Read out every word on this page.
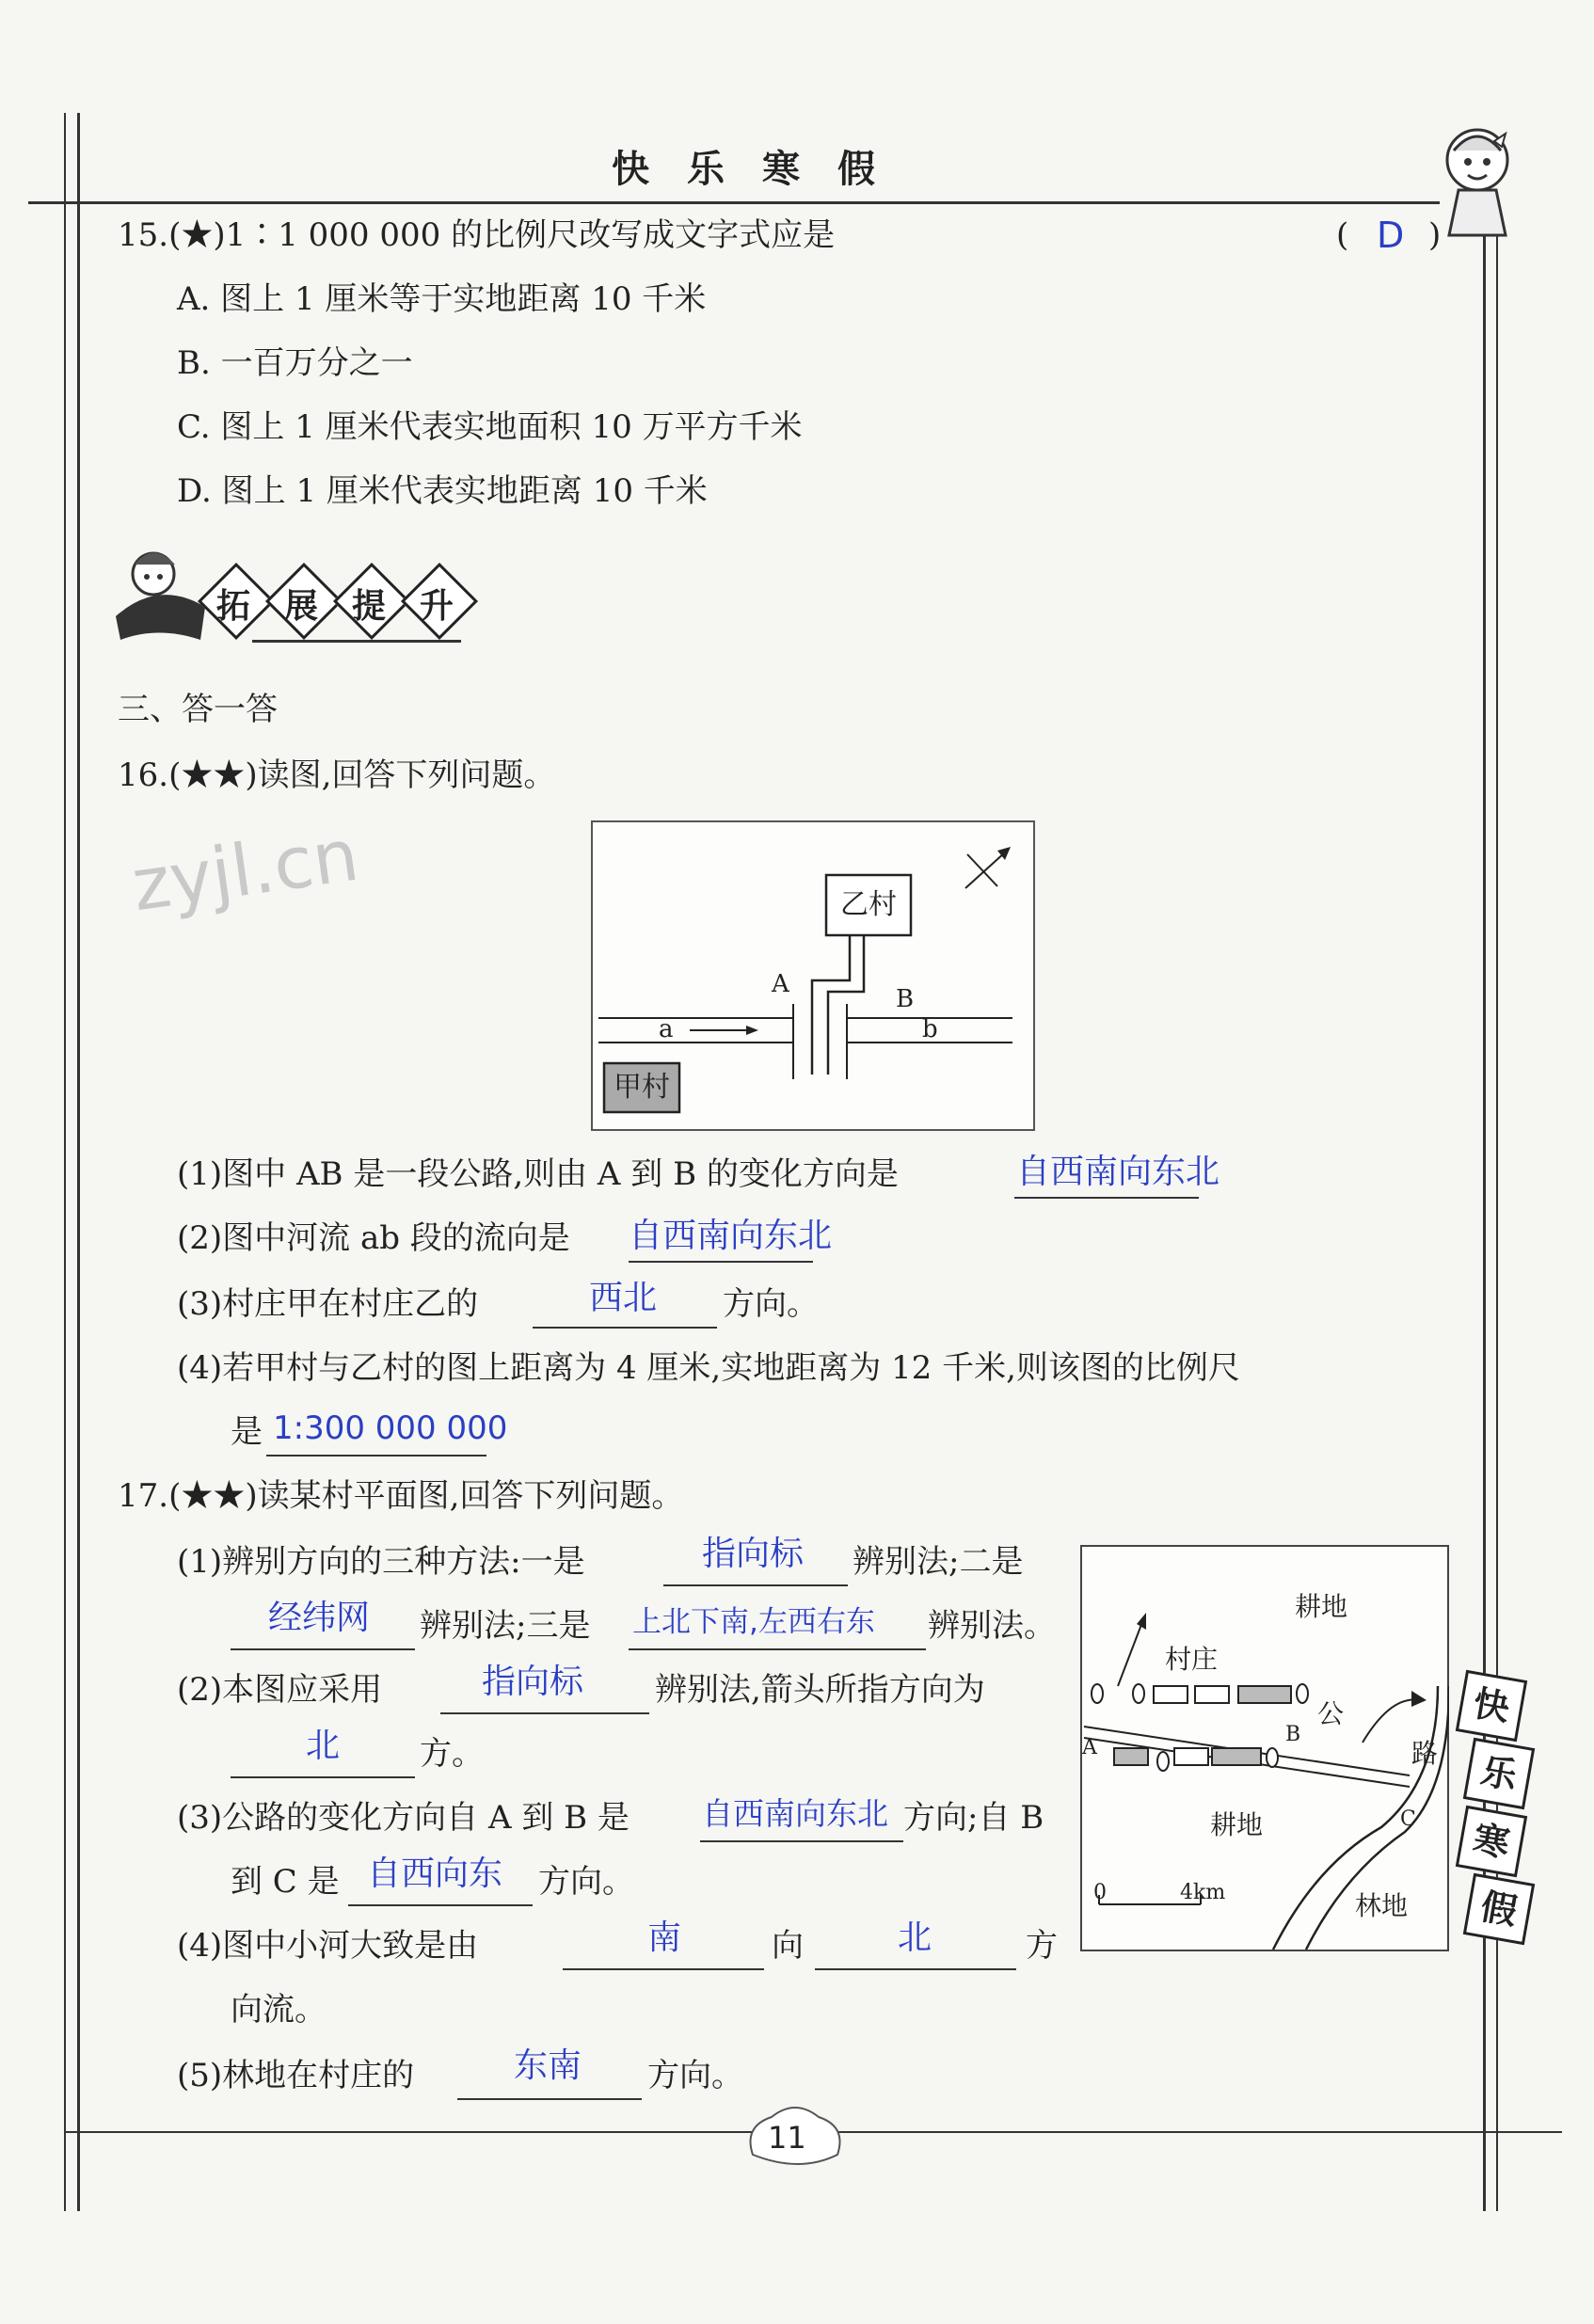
快乐寒假
zyjl.cn
15.(★)1∶1 000 000 的比例尺改写成文字式应是	( D )
A. 图上 1 厘米等于实地距离 10 千米
B. 一百万分之一
C. 图上 1 厘米代表实地面积 10 万平方千米
D. 图上 1 厘米代表实地距离 10 千米
拓 展 提 升
三、答一答
16.(★★)读图,回答下列问题。
乙村
甲村
A
B
a	b
(1)图中 AB 是一段公路,则由 A 到 B 的变化方向是	自西南向东北
(2)图中河流 ab 段的流向是 自西南向东北
(3)村庄甲在村庄乙的	西北 方向。
(4)若甲村与乙村的图上距离为 4 厘米,实地距离为 12 千米,则该图的比例尺
是 1:300 000 000
17.(★★)读某村平面图,回答下列问题。
(1)辨别方向的三种方法:一是	指向标 辨别法;二是
经纬网 辨别法;三是 上北下南,左西右东 辨别法。
(2)本图应采用	指向标 辨别法,箭头所指方向为
北 方。
(3)公路的变化方向自 A 到 B 是 自西南向东北 方向;自 B
到 C 是 自西向东 方向。
(4)图中小河大致是由	南	向	北	方
向流。
(5)林地在村庄的	东南 方向。
耕地
村庄
公
路
A
B
C
耕地
林地
0	4km
快
乐
寒
假
11
